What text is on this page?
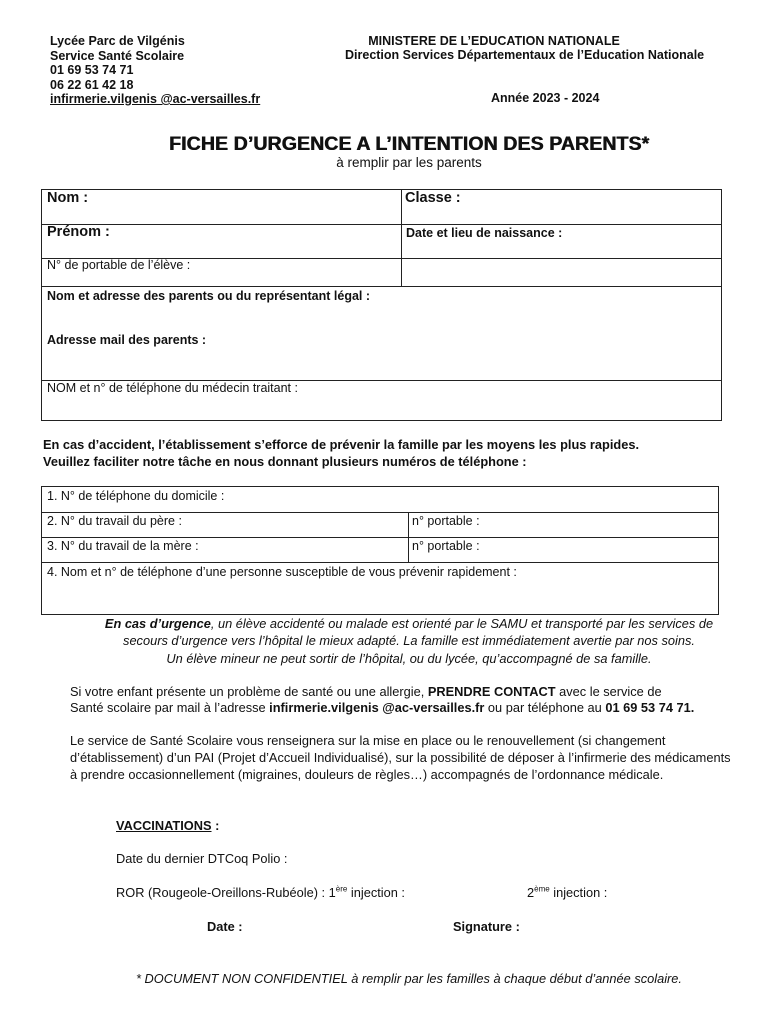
Lycée Parc de Vilgénis
Service Santé Scolaire
01 69 53 74 71
06 22 61 42 18
infirmerie.vilgenis @ac-versailles.fr
MINISTERE DE L’EDUCATION NATIONALE
Direction Services Départementaux de l’Education Nationale
Année 2023 - 2024
FICHE D’URGENCE A L’INTENTION DES PARENTS*
à remplir par les parents
Nom :	Classe :
Prénom :	Date et lieu de naissance :
N° de portable de l’élève :
Nom et adresse des parents ou du représentant légal :
Adresse mail des parents :
NOM et n° de téléphone du médecin traitant :
En cas d’accident, l’établissement s’efforce de prévenir la famille par les moyens les plus rapides.
Veuillez faciliter notre tâche en nous donnant plusieurs numéros de téléphone :
1. N° de téléphone du domicile :
2. N° du travail du père :	n° portable :
3. N° du travail de la mère :	n° portable :
4. Nom et n° de téléphone d’une personne susceptible de vous prévenir rapidement :
En cas d’urgence, un élève accidenté ou malade est orienté par le SAMU et transporté par les services de
secours d’urgence vers l’hôpital le mieux adapté. La famille est immédiatement avertie par nos soins.
Un élève mineur ne peut sortir de l’hôpital, ou du lycée, qu’accompagné de sa famille.
Si votre enfant présente un problème de santé ou une allergie, PRENDRE CONTACT avec le service de
Santé scolaire par mail à l’adresse infirmerie.vilgenis @ac-versailles.fr ou par téléphone au 01 69 53 74 71.
Le service de Santé Scolaire vous renseignera sur la mise en place ou le renouvellement (si changement
d’établissement) d’un PAI (Projet d’Accueil Individualisé), sur la possibilité de déposer à l’infirmerie des médicaments
à prendre occasionnellement (migraines, douleurs de règles…) accompagnés de l’ordonnance médicale.
VACCINATIONS :
Date du dernier DTCoq Polio :
ROR (Rougeole-Oreillons-Rubéole) : 1ère injection :	2ème injection :
Date :	Signature :
* DOCUMENT NON CONFIDENTIEL à remplir par les familles à chaque début d’année scolaire.
